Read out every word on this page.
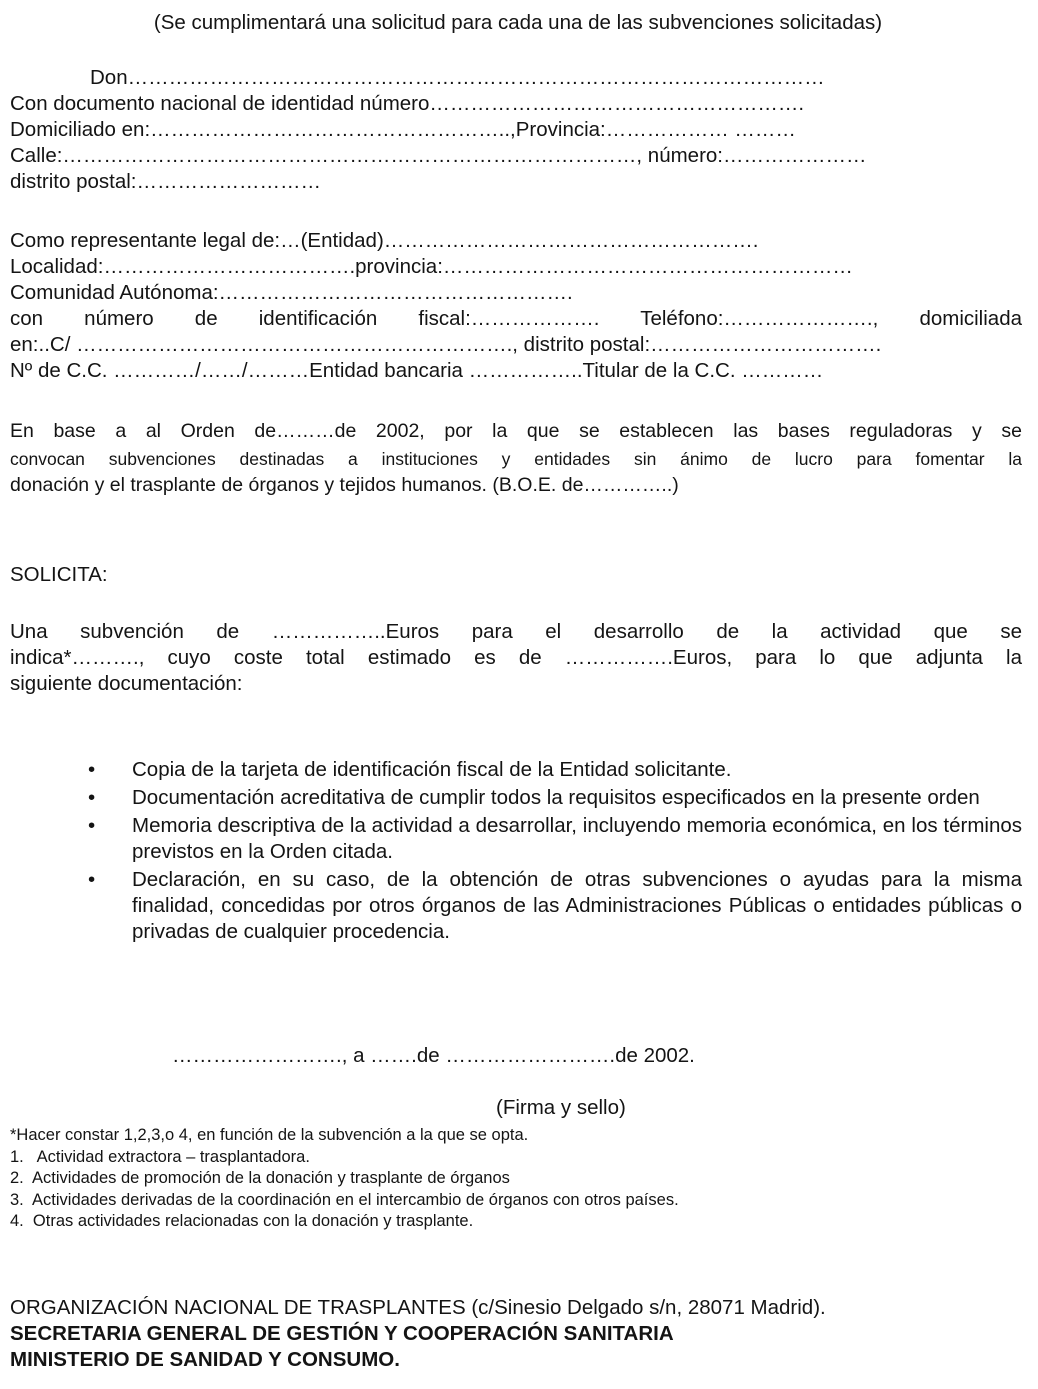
(Se cumplimentará una solicitud para cada una de las subvenciones solicitadas)
Don…………………………………………………………………………………………
Con documento nacional de identidad número……………………………………………….
Domiciliado en:……………………………………………..,Provincia:……………… ………
Calle:…………………………………………………………………………, número:…………………
distrito postal:………………………
Como representante legal de:…(Entidad)……………………………………………….
Localidad:……………………………….provincia:……………………………………………………
Comunidad Autónoma:…………………………………………….
con número de identificación fiscal:………………. Teléfono:…………………., domiciliada
en:..C/ ………………………………………………………., distrito postal:…………………………….
Nº de C.C. …………/……/………Entidad bancaria ……………..Titular de la C.C. …………
En base a al Orden de………de 2002, por la que se establecen las bases reguladoras y se
convocan subvenciones destinadas a instituciones y entidades sin ánimo de lucro para fomentar la
donación y el trasplante de órganos y tejidos humanos. (B.O.E. de…………..)
SOLICITA:
Una subvención de ……………..Euros para el desarrollo de la actividad que se
indica*………., cuyo coste total estimado es de …………….Euros, para lo que adjunta la
siguiente documentación:
•	Copia de la tarjeta de identificación fiscal de la Entidad solicitante.
•	Documentación acreditativa de cumplir todos la requisitos especificados en la presente orden
•	Memoria descriptiva de la actividad a desarrollar, incluyendo memoria económica, en los términos previstos en la Orden citada.
•	Declaración, en su caso, de la obtención de otras subvenciones o ayudas para la misma finalidad, concedidas por otros órganos de las Administraciones Públicas o entidades públicas o privadas de cualquier procedencia.
……………………., a …….de …………………….de 2002.
(Firma y sello)
*Hacer constar 1,2,3,o 4, en función de la subvención a la que se opta.
1.   Actividad extractora – trasplantadora.
2.  Actividades de promoción de la donación y trasplante de órganos
3.  Actividades derivadas de la coordinación en el intercambio de órganos con otros países.
4.  Otras actividades relacionadas con la donación y trasplante.
ORGANIZACIÓN NACIONAL DE TRASPLANTES (c/Sinesio Delgado s/n, 28071 Madrid).
SECRETARIA GENERAL DE GESTIÓN Y COOPERACIÓN SANITARIA
MINISTERIO DE SANIDAD Y CONSUMO.
